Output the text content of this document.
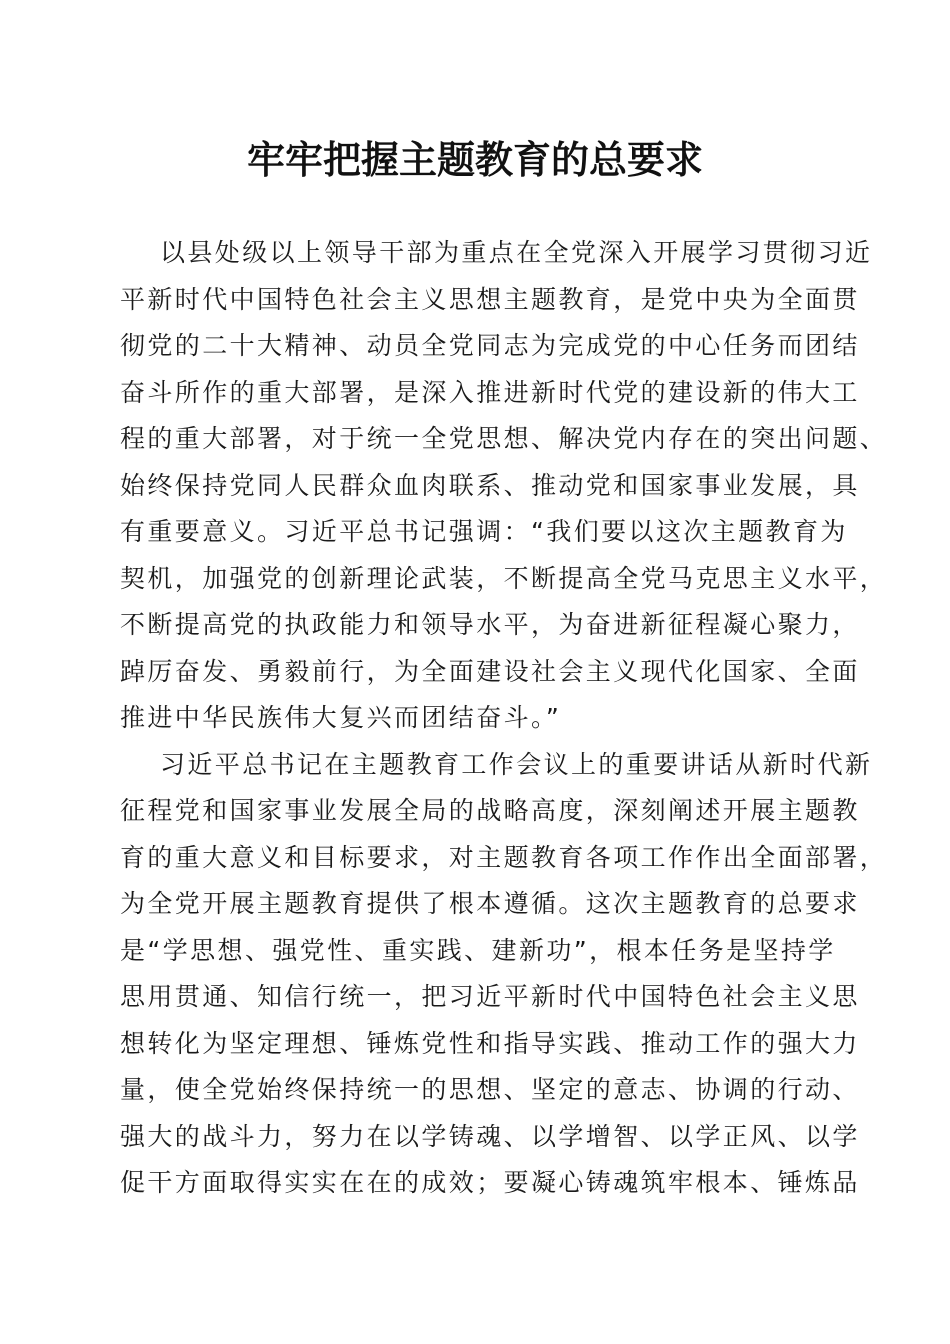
牢牢把握主题教育的总要求
以县处级以上领导干部为重点在全党深入开展学习贯彻习近
平新时代中国特色社会主义思想主题教育，是党中央为全面贯
彻党的二十大精神、动员全党同志为完成党的中心任务而团结
奋斗所作的重大部署，是深入推进新时代党的建设新的伟大工
程的重大部署，对于统一全党思想、解决党内存在的突出问题、
始终保持党同人民群众血肉联系、推动党和国家事业发展，具
有重要意义。习近平总书记强调：“我们要以这次主题教育为
契机，加强党的创新理论武装，不断提高全党马克思主义水平，
不断提高党的执政能力和领导水平，为奋进新征程凝心聚力，
踔厉奋发、勇毅前行，为全面建设社会主义现代化国家、全面
推进中华民族伟大复兴而团结奋斗。”
习近平总书记在主题教育工作会议上的重要讲话从新时代新
征程党和国家事业发展全局的战略高度，深刻阐述开展主题教
育的重大意义和目标要求，对主题教育各项工作作出全面部署，
为全党开展主题教育提供了根本遵循。这次主题教育的总要求
是“学思想、强党性、重实践、建新功”，根本任务是坚持学
思用贯通、知信行统一，把习近平新时代中国特色社会主义思
想转化为坚定理想、锤炼党性和指导实践、推动工作的强大力
量，使全党始终保持统一的思想、坚定的意志、协调的行动、
强大的战斗力，努力在以学铸魂、以学增智、以学正风、以学
促干方面取得实实在在的成效；要凝心铸魂筑牢根本、锤炼品
